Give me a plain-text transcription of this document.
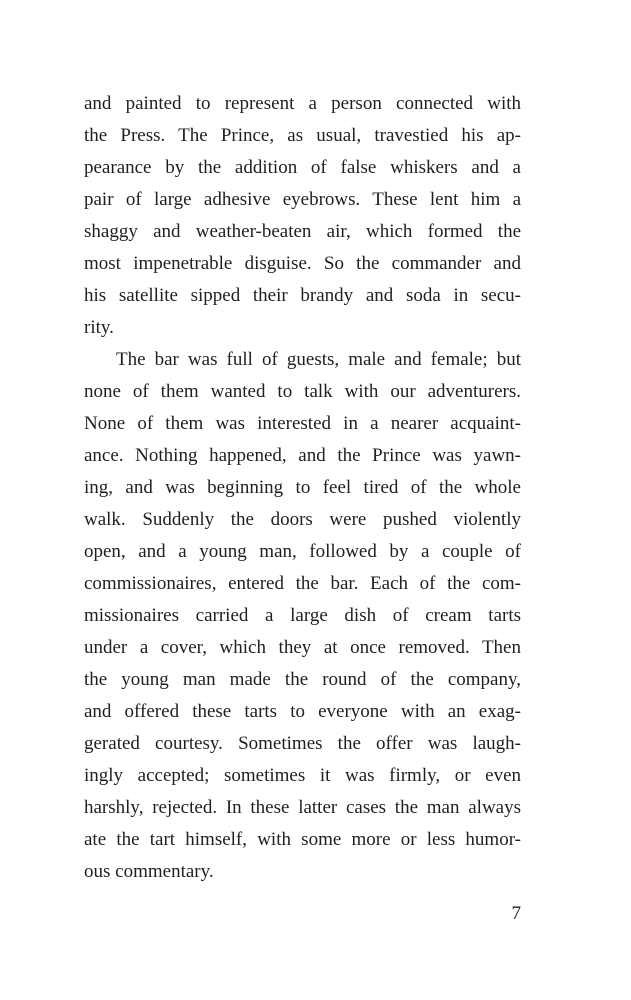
and painted to represent a person connected with
the Press. The Prince, as usual, travestied his ap-
pearance by the addition of false whiskers and a
pair of large adhesive eyebrows. These lent him a
shaggy and weather-beaten air, which formed the
most impenetrable disguise. So the commander and
his satellite sipped their brandy and soda in secu-
rity.
The bar was full of guests, male and female; but
none of them wanted to talk with our adventurers.
None of them was interested in a nearer acquaint-
ance. Nothing happened, and the Prince was yawn-
ing, and was beginning to feel tired of the whole
walk. Suddenly the doors were pushed violently
open, and a young man, followed by a couple of
commissionaires, entered the bar. Each of the com-
missionaires carried a large dish of cream tarts
under a cover, which they at once removed. Then
the young man made the round of the company,
and offered these tarts to everyone with an exag-
gerated courtesy. Sometimes the offer was laugh-
ingly accepted; sometimes it was firmly, or even
harshly, rejected. In these latter cases the man always
ate the tart himself, with some more or less humor-
ous commentary.
7
